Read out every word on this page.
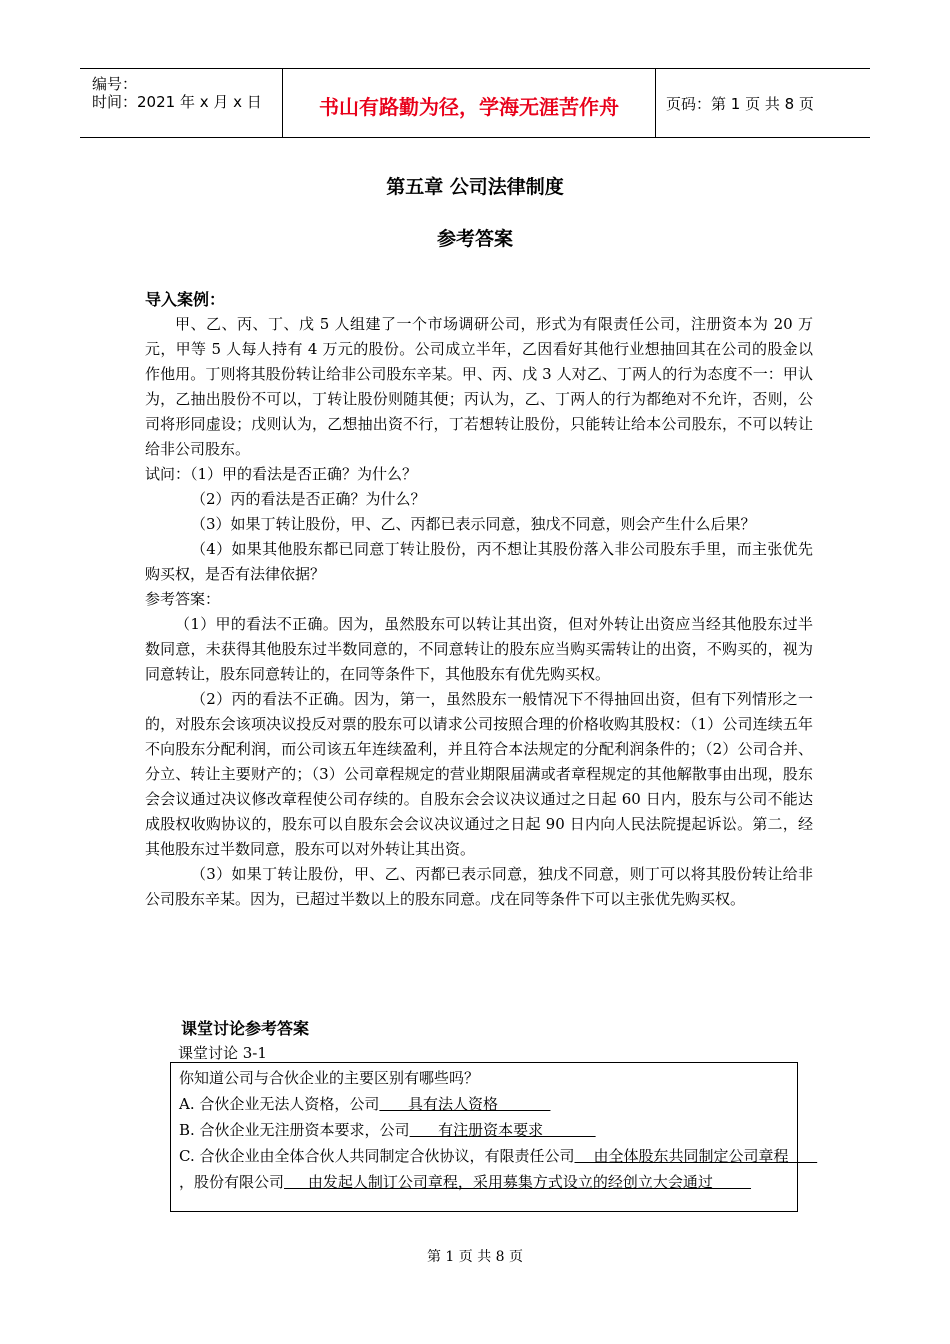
编号：
时间：2021 年 x 月 x 日	书山有路勤为径，学海无涯苦作舟	页码：第 1 页 共 8 页
第五章 公司法律制度
参考答案
导入案例：

甲、乙、丙、丁、戊 5 人组建了一个市场调研公司，形式为有限责任公司，注册资本为 20 万元，甲等 5 人每人持有 4 万元的股份。公司成立半年，乙因看好其他行业想抽回其在公司的股金以作他用。丁则将其股份转让给非公司股东辛某。甲、丙、戊 3 人对乙、丁两人的行为态度不一：甲认为，乙抽出股份不可以，丁转让股份则随其便；丙认为，乙、丁两人的行为都绝对不允许，否则，公司将形同虚设；戊则认为，乙想抽出资不行，丁若想转让股份，只能转让给本公司股东，不可以转让给非公司股东。

试问：（1）甲的看法是否正确？为什么？

（2）丙的看法是否正确？为什么？

（3）如果丁转让股份，甲、乙、丙都已表示同意，独戊不同意，则会产生什么后果？

（4）如果其他股东都已同意丁转让股份，丙不想让其股份落入非公司股东手里，而主张优先购买权，是否有法律依据？

参考答案：

（1）甲的看法不正确。因为，虽然股东可以转让其出资，但对外转让出资应当经其他股东过半数同意，未获得其他股东过半数同意的，不同意转让的股东应当购买需转让的出资，不购买的，视为同意转让，股东同意转让的，在同等条件下，其他股东有优先购买权。

（2）丙的看法不正确。因为，第一，虽然股东一般情况下不得抽回出资，但有下列情形之一的，对股东会该项决议投反对票的股东可以请求公司按照合理的价格收购其股权：（1）公司连续五年不向股东分配利润，而公司该五年连续盈利，并且符合本法规定的分配利润条件的；（2）公司合并、分立、转让主要财产的；（3）公司章程规定的营业期限届满或者章程规定的其他解散事由出现，股东会会议通过决议修改章程使公司存续的。自股东会会议决议通过之日起 60 日内，股东与公司不能达成股权收购协议的，股东可以自股东会会议决议通过之日起 90 日内向人民法院提起诉讼。第二，经其他股东过半数同意，股东可以对外转让其出资。

（3）如果丁转让股份，甲、乙、丙都已表示同意，独戊不同意，则丁可以将其股份转让给非公司股东辛某。因为，已超过半数以上的股东同意。戊在同等条件下可以主张优先购买权。

课堂讨论参考答案
课堂讨论 3-1

你知道公司与合伙企业的主要区别有哪些吗？

A. 合伙企业无法人资格，公司      具有法人资格

B. 合伙企业无注册资本要求，公司      有注册资本要求

C. 合伙企业由全体合伙人共同制定合伙协议，有限责任公司    由全体股东共同制定公司章程      ，股份有限公司     由发起人制订公司章程，采用募集方式设立的经创立大会通过

第 1 页 共 8 页
